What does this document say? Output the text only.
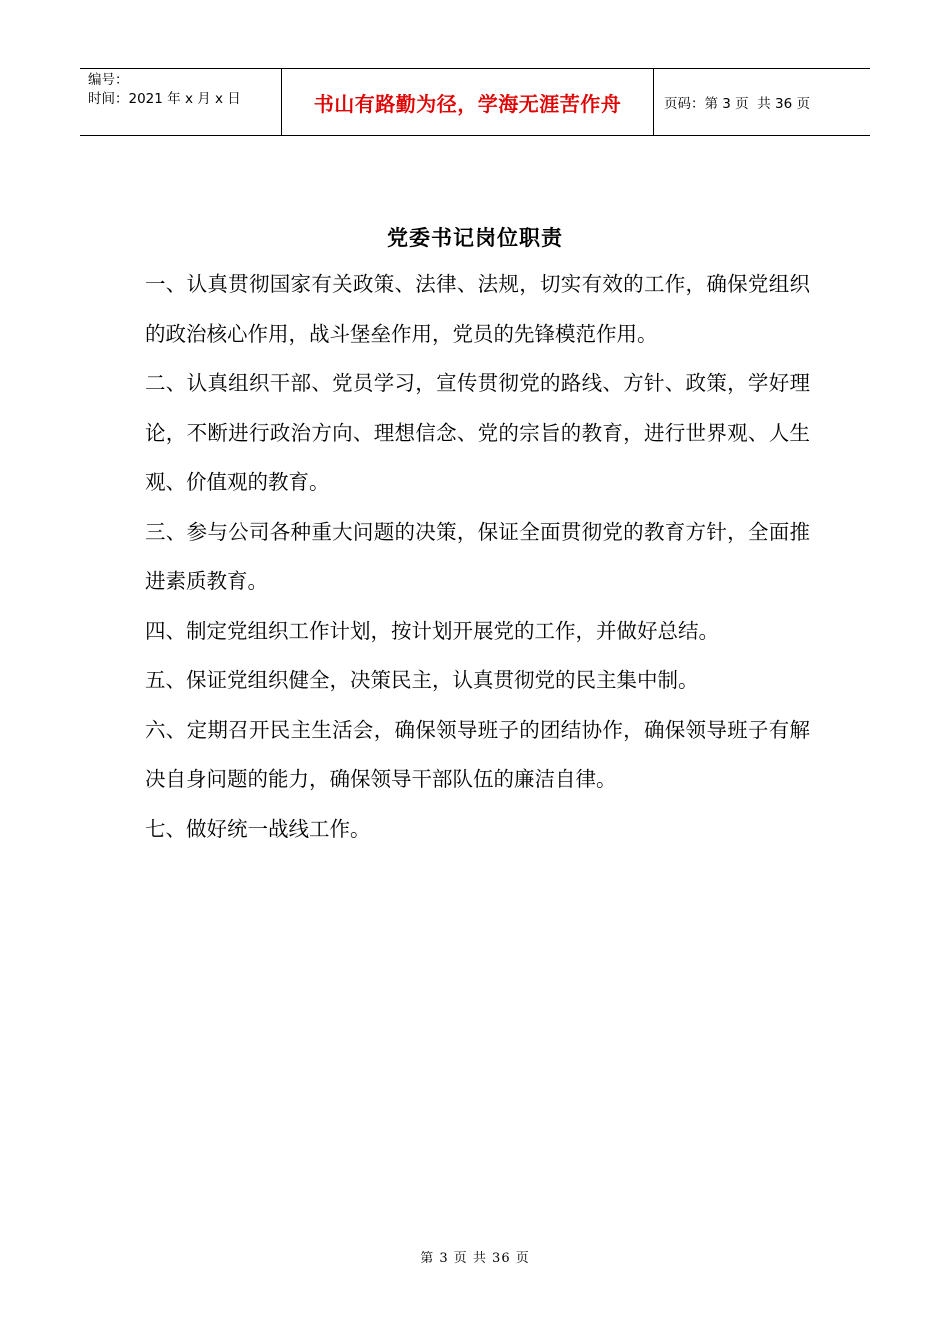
编号：
时间：2021 年 x 月 x 日	书山有路勤为径，学海无涯苦作舟	页码：第 3 页  共 36 页
党委书记岗位职责

一、认真贯彻国家有关政策、法律、法规，切实有效的工作，确保党组织的政治核心作用，战斗堡垒作用，党员的先锋模范作用。

二、认真组织干部、党员学习，宣传贯彻党的路线、方针、政策，学好理论，不断进行政治方向、理想信念、党的宗旨的教育，进行世界观、人生观、价值观的教育。

三、参与公司各种重大问题的决策，保证全面贯彻党的教育方针，全面推进素质教育。

四、制定党组织工作计划，按计划开展党的工作，并做好总结。

五、保证党组织健全，决策民主，认真贯彻党的民主集中制。

六、定期召开民主生活会，确保领导班子的团结协作，确保领导班子有解决自身问题的能力，确保领导干部队伍的廉洁自律。

七、做好统一战线工作。

第 3 页 共 36 页
